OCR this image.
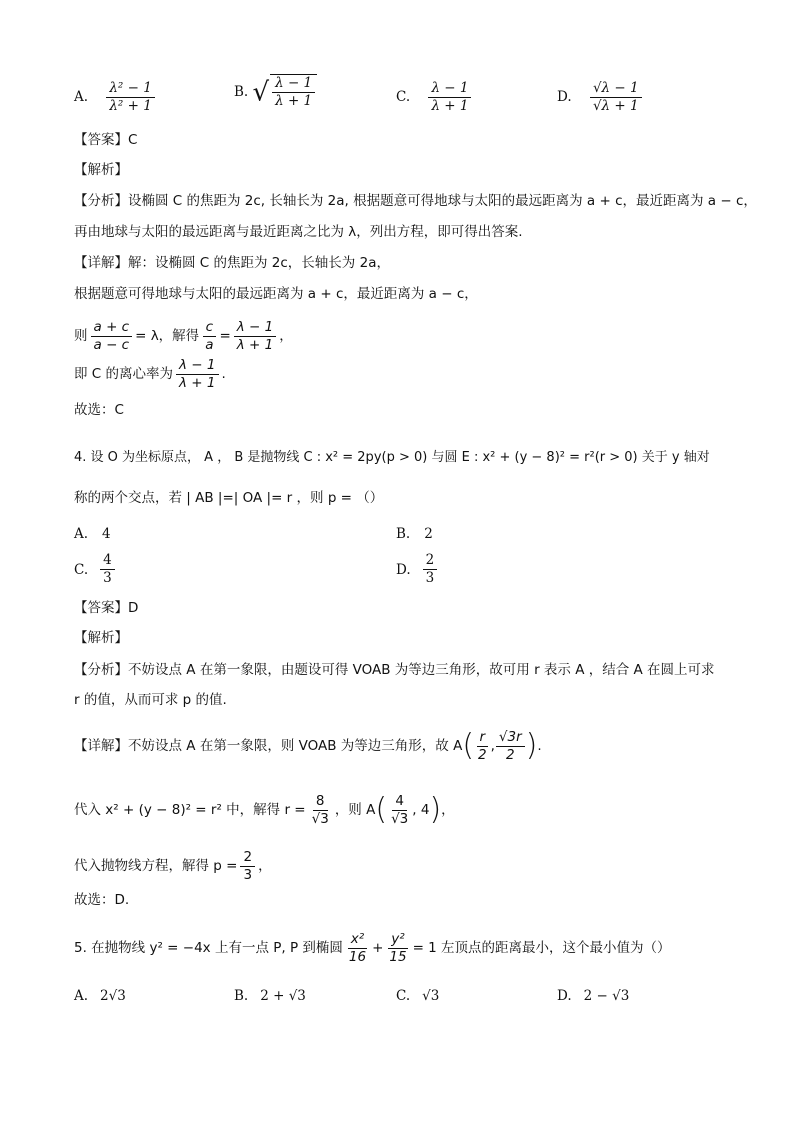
A. $\frac{\text{λ² − 1}}{\text{λ² + 1}}$	B. √ $\frac{\lambda - 1}{\lambda + 1}$	C. $\frac{\lambda - 1}{\lambda + 1}$	D. $\frac{√\lambda - 1}{√\lambda + 1}$
【答案】C
【解析】
【分析】设椭圆 C 的焦距为 2c, 长轴长为 2a, 根据题意可得地球与太阳的最远距离为 a + c，最近距离为 a − c，
再由地球与太阳的最远距离与最近距离之比为 λ，列出方程，即可得出答案.
【详解】解：设椭圆 C 的焦距为 2c，长轴长为 2a，
根据题意可得地球与太阳的最远距离为 a + c，最近距离为 a − c，
则 $\frac{a + c}{a - c} = \lambda$，解得 $\frac{c}{a} = \frac{\lambda - 1}{\lambda + 1}$ ，
即 C 的离心率为 $\frac{\lambda - 1}{\lambda + 1}$ .
故选：C
4. 设 O 为坐标原点， A ， B 是抛物线 C : x² = 2py(p > 0) 与圆 E : x² + (y − 8)² = r²(r > 0) 关于 y 轴对
称的两个交点，若 | AB |=| OA |= r ，则 p = （）
A. 4	B. 2
C. $\frac{4}{3}$	D. $\frac{2}{3}$
【答案】D
【解析】
【分析】不妨设点 A 在第一象限，由题设可得 VOAB 为等边三角形，故可用 r 表示 A ，结合 A 在圆上可求
r 的值，从而可求 p 的值.
【详解】 不妨设点 A 在第一象限，则 VOAB 为等边三角形，故 A ( $\frac{r}{2}$ , $\frac{√3r}{2}$ ) .
代入 x² + (y − 8)² = r² 中，解得 $r = \frac{8}{√3}$ ，则 A ( $\frac{4}{√3}$ , 4 ) ，
代入抛物线方程，解得 $p = \frac{2}{3}$ ，
故选：D.
5. 在抛物线 y² = −4x 上有一点 P, P 到椭圆 $\frac{\text{x²}}{16} + \frac{\text{y²}}{15} = 1$ 左顶点的距离最小，这个最小值为（）
A. 2√3	B. 2 + √3	C. √3	D. 2 − √3
